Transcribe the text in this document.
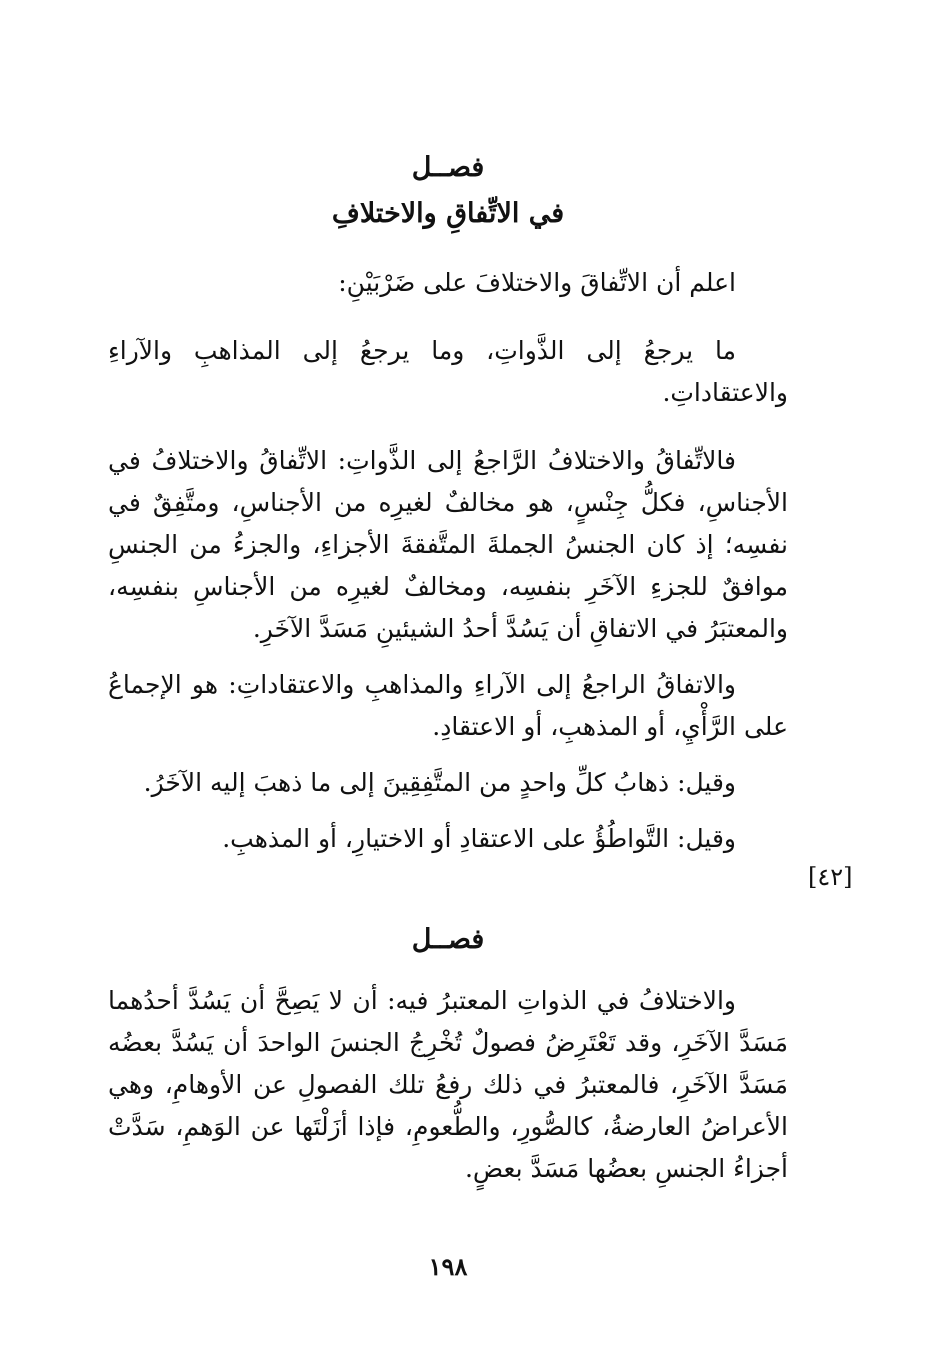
فصــل
في الاتِّفاقِ والاختلافِ

اعلم أن الاتِّفاقَ والاختلافَ على ضَرْبَيْنِ:

ما يرجعُ إلى الذَّواتِ، وما يرجعُ إلى المذاهبِ والآراءِ والاعتقاداتِ.

فالاتِّفاقُ والاختلافُ الرَّاجعُ إلى الذَّواتِ: الاتِّفاقُ والاختلافُ في الأجناسِ، فكلُّ جِنْسٍ، هو مخالفٌ لغيرِه من الأجناسِ، ومتَّفِقٌ في نفسِه؛ إذ كان الجنسُ الجملةَ المتَّفقةَ الأجزاءِ، والجزءُ من الجنسِ موافقٌ للجزءِ الآخَرِ بنفسِه، ومخالفٌ لغيرِه من الأجناسِ بنفسِه، والمعتبَرُ في الاتفاقِ أن يَسُدَّ أحدُ الشيئينِ مَسَدَّ الآخَرِ.

والاتفاقُ الراجعُ إلى الآراءِ والمذاهبِ والاعتقاداتِ: هو الإجماعُ على الرَّأْيِ، أو المذهبِ، أو الاعتقادِ.

وقيل: ذهابُ كلِّ واحدٍ من المتَّفِقِينَ إلى ما ذهبَ إليه الآخَرُ.

وقيل: التَّواطُؤُ على الاعتقادِ أو الاختيارِ، أو المذهبِ.

[٤٢]
فصــل

والاختلافُ في الذواتِ المعتبرُ فيه: أن لا يَصِحَّ أن يَسُدَّ أحدُهما مَسَدَّ الآخَرِ، وقد تَعْتَرِضُ فصولٌ تُخْرِجُ الجنسَ الواحدَ أن يَسُدَّ بعضُه مَسَدَّ الآخَرِ، فالمعتبرُ في ذلك رفعُ تلك الفصولِ عن الأوهامِ، وهي الأعراضُ العارضةُ، كالصُّورِ، والطُّعومِ، فإذا أزَلْتَها عن الوَهمِ، سَدَّتْ أجزاءُ الجنسِ بعضُها مَسَدَّ بعضٍ.

١٩٨
